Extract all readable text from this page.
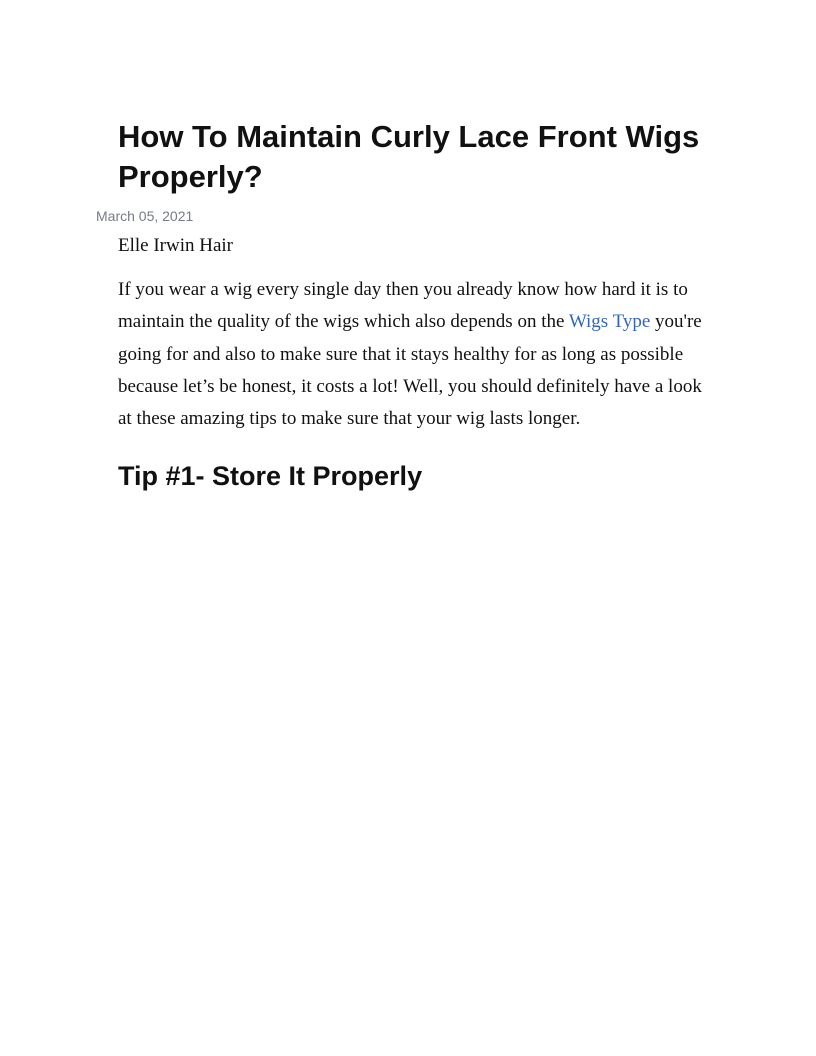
How To Maintain Curly Lace Front Wigs Properly?

March 05, 2021

Elle Irwin Hair

If you wear a wig every single day then you already know how hard it is to maintain the quality of the wigs which also depends on the Wigs Type you're going for and also to make sure that it stays healthy for as long as possible because let’s be honest, it costs a lot! Well, you should definitely have a look at these amazing tips to make sure that your wig lasts longer.

Tip #1- Store It Properly
